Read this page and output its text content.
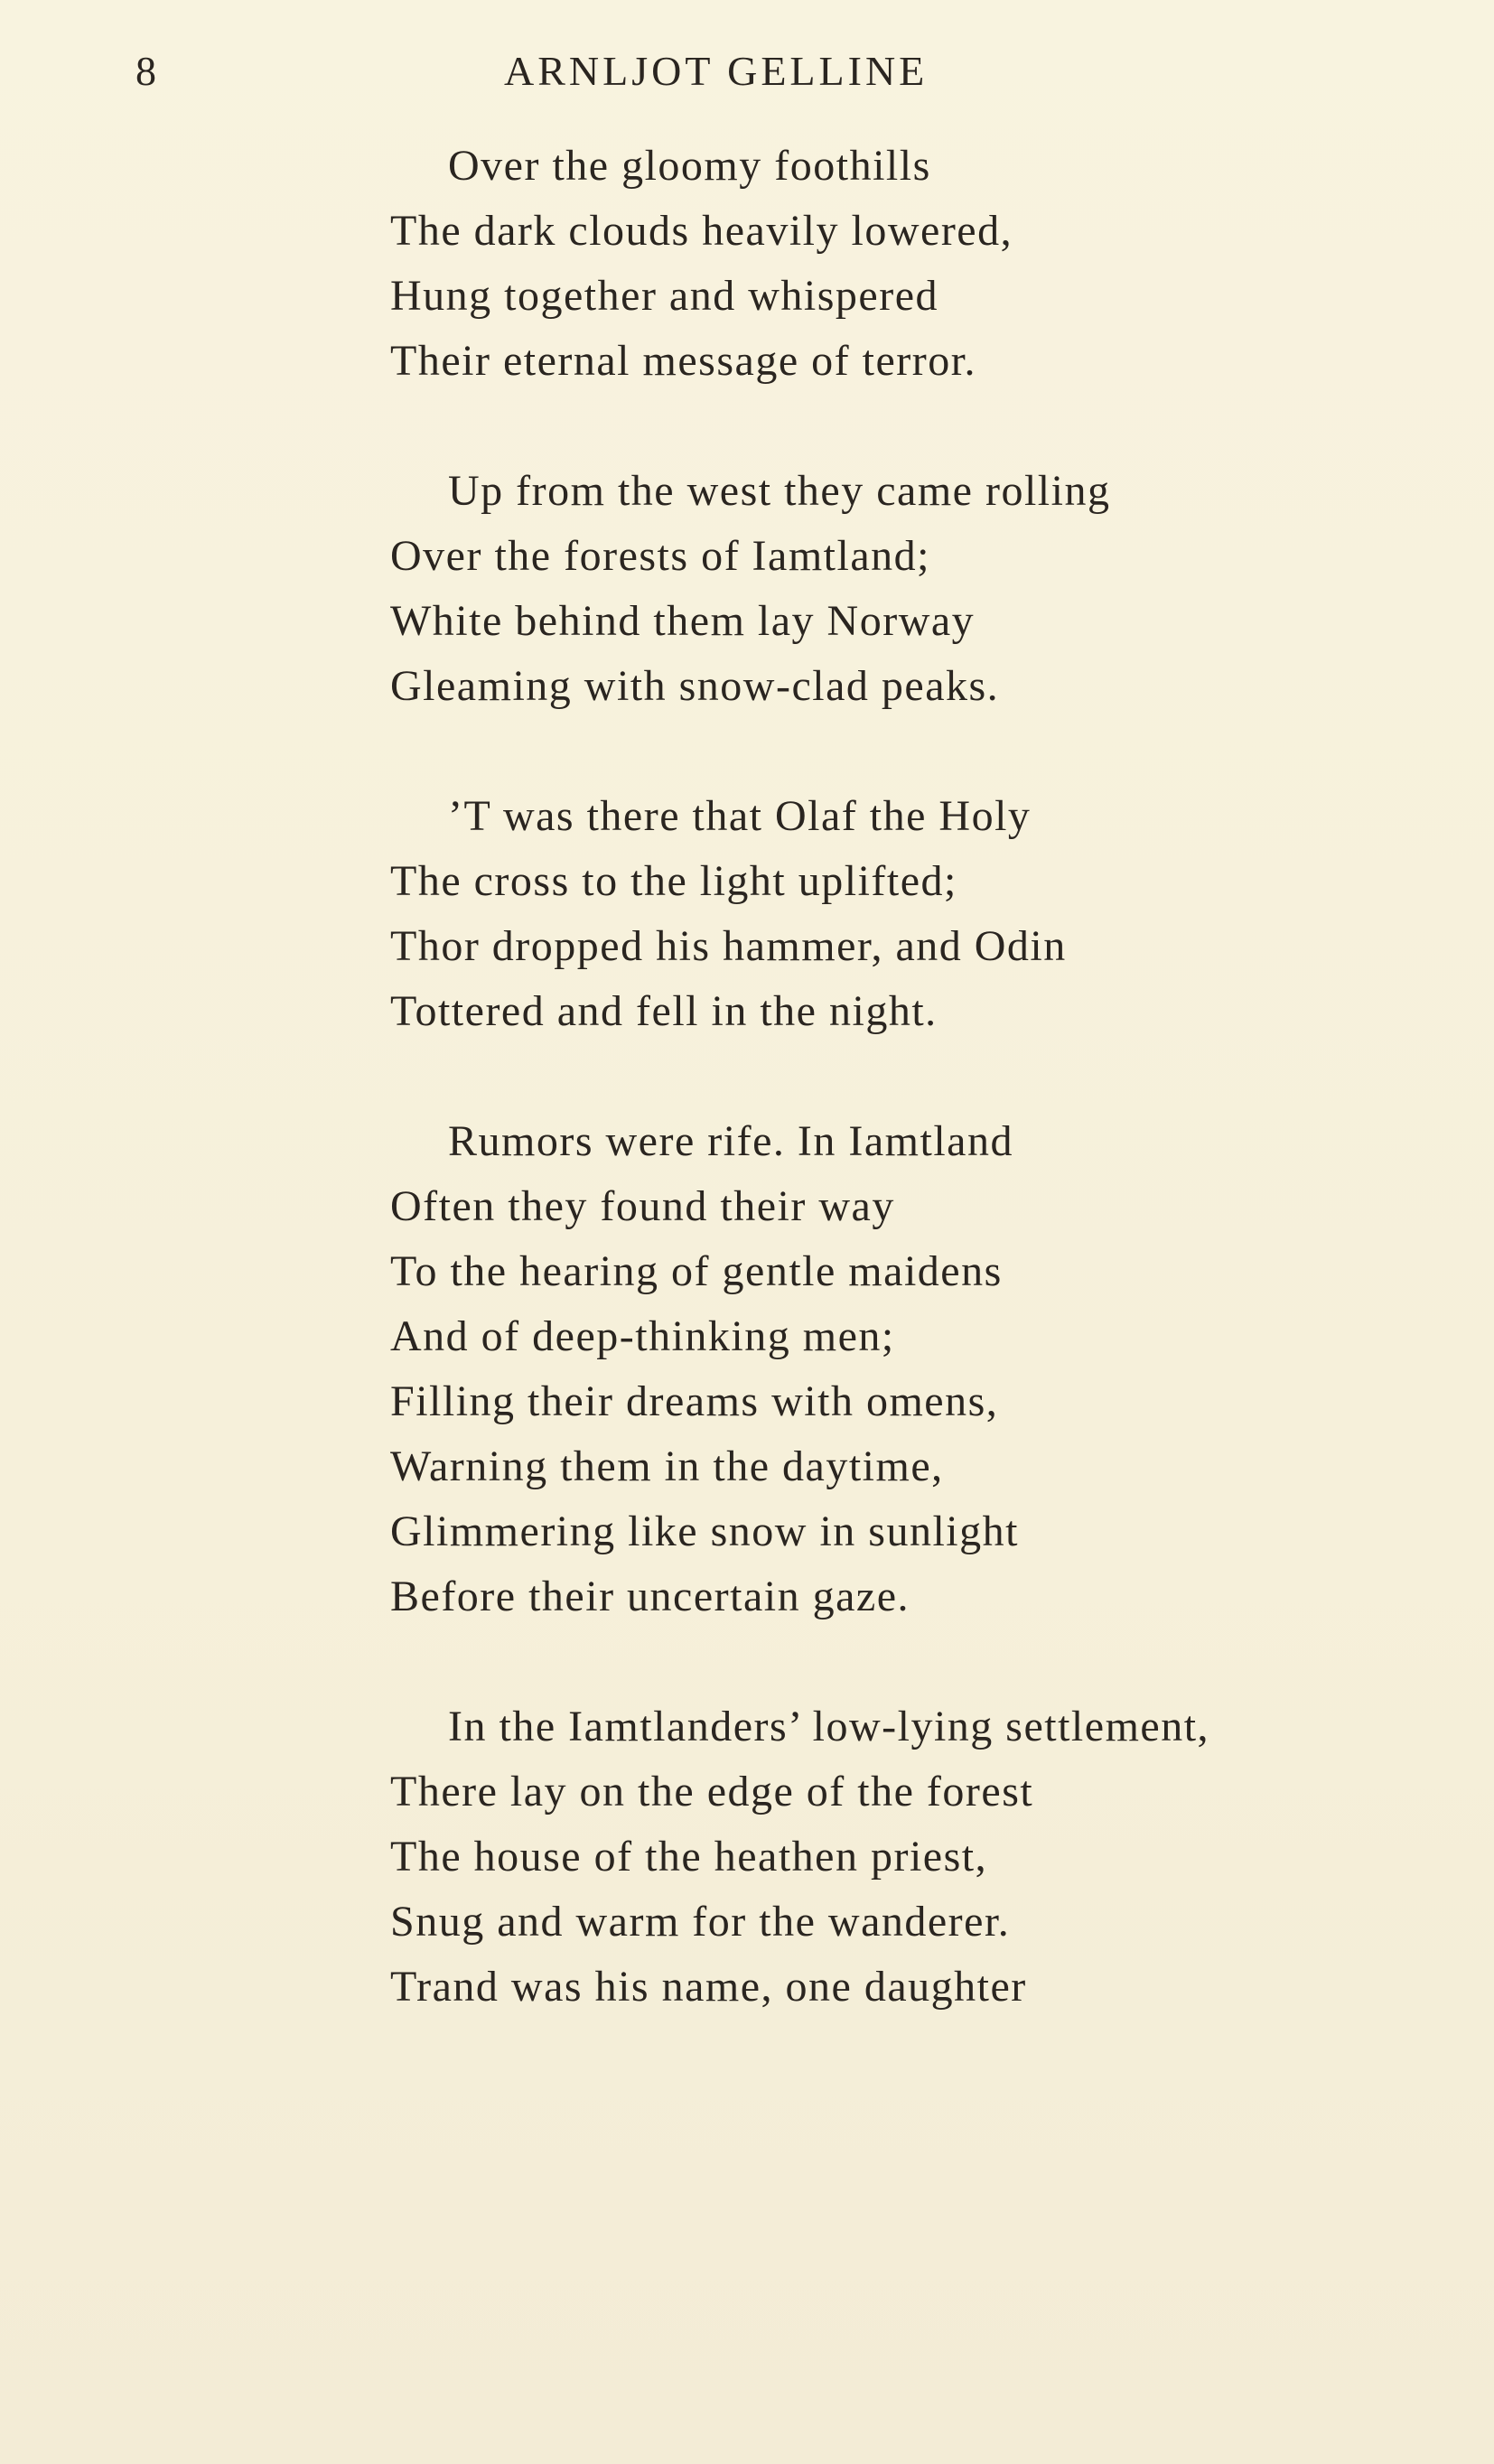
8	ARNLJOT GELLINE
Over the gloomy foothills
The dark clouds heavily lowered,
Hung together and whispered
Their eternal message of terror.
Up from the west they came rolling
Over the forests of Iamtland;
White behind them lay Norway
Gleaming with snow-clad peaks.
’T was there that Olaf the Holy
The cross to the light uplifted;
Thor dropped his hammer, and Odin
Tottered and fell in the night.
Rumors were rife. In Iamtland
Often they found their way
To the hearing of gentle maidens
And of deep-thinking men;
Filling their dreams with omens,
Warning them in the daytime,
Glimmering like snow in sunlight
Before their uncertain gaze.
In the Iamtlanders’ low-lying settlement,
There lay on the edge of the forest
The house of the heathen priest,
Snug and warm for the wanderer.
Trand was his name, one daughter
